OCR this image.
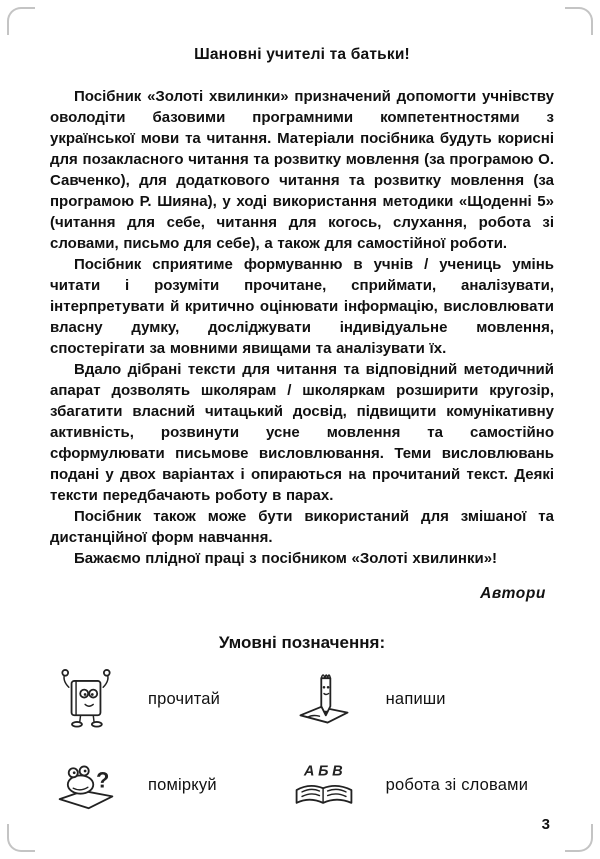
Шановні учителі та батьки!

Посібник «Золоті хвилинки» призначений допомогти учнівству оволодіти базовими програмними компетентностями з української мови та читання. Матеріали посібника будуть корисні для позакласного читання та розвитку мовлення (за програмою О. Савченко), для додаткового читання та розвитку мовлення (за програмою Р. Шияна), у ході використання методики «Щоденні 5» (читання для себе, читання для когось, слухання, робота зі словами, письмо для себе), а також для самостійної роботи.

Посібник сприятиме формуванню в учнів / учениць умінь читати і розуміти прочитане, сприймати, аналізувати, інтерпретувати й критично оцінювати інформацію, висловлювати власну думку, досліджувати індивідуальне мовлення, спостерігати за мовними явищами та аналізувати їх.

Вдало дібрані тексти для читання та відповідний методичний апарат дозволять школярам / школяркам розширити кругозір, збагатити власний читацький досвід, підвищити комунікативну активність, розвинути усне мовлення та самостійно сформулювати письмове висловлювання. Теми висловлювань подані у двох варіантах і опираються на прочитаний текст. Деякі тексти передбачають роботу в парах.

Посібник також може бути використаний для змішаної та дистанційної форм навчання.

Бажаємо плідної праці з посібником «Золоті хвилинки»!

Автори
Умовні позначення:
прочитай	напиши
? поміркуй
АБВ
робота зі словами
3
